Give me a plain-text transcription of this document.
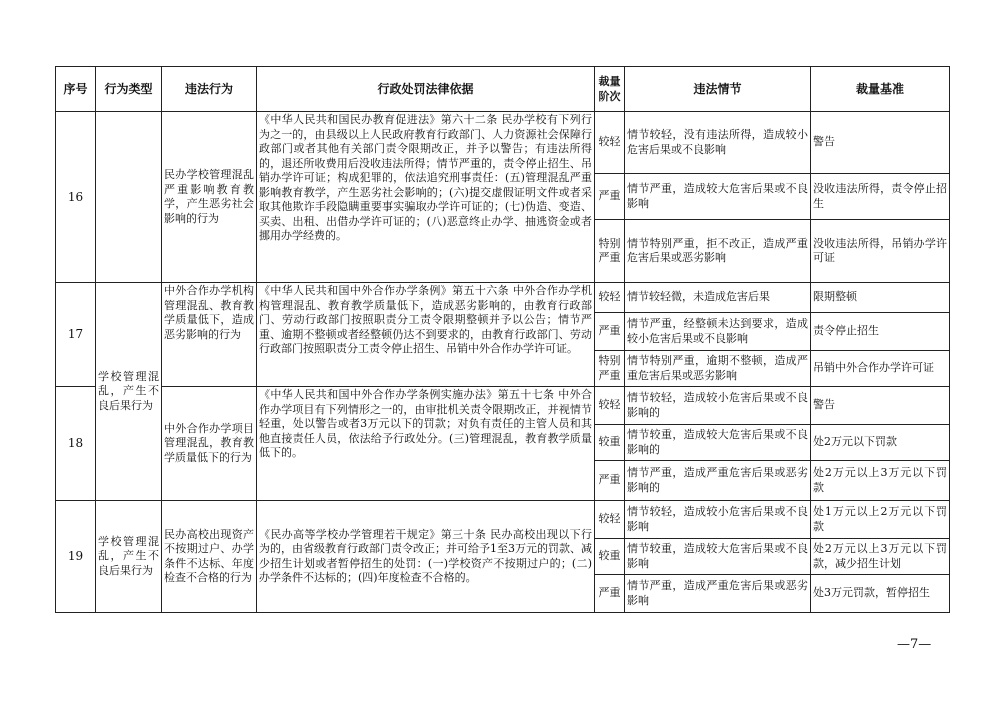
序号	行为类型	违法行为	行政处罚法律依据	裁量阶次	违法情节	裁量基准
16		民办学校管理混乱严重影响教育教学，产生恶劣社会影响的行为	《中华人民共和国民办教育促进法》第六十二条 民办学校有下列行为之一的，由县级以上人民政府教育行政部门、人力资源社会保障行政部门或者其他有关部门责令限期改正，并予以警告；有违法所得的，退还所收费用后没收违法所得；情节严重的，责令停止招生、吊销办学许可证；构成犯罪的，依法追究刑事责任：(五)管理混乱严重影响教育教学，产生恶劣社会影响的；(六)提交虚假证明文件或者采取其他欺诈手段隐瞒重要事实骗取办学许可证的；(七)伪造、变造、买卖、出租、出借办学许可证的；(八)恶意终止办学、抽逃资金或者挪用办学经费的。	较轻	情节较轻，没有违法所得，造成较小危害后果或不良影响	警告
				严重	情节严重，造成较大危害后果或不良影响	没收违法所得，责令停止招生
				特别严重	情节特别严重，拒不改正，造成严重危害后果或恶劣影响	没收违法所得，吊销办学许可证
17	学校管理混乱，产生不良后果行为	中外合作办学机构管理混乱、教育教学质量低下，造成恶劣影响的行为	《中华人民共和国中外合作办学条例》第五十六条 中外合作办学机构管理混乱、教育教学质量低下，造成恶劣影响的，由教育行政部门、劳动行政部门按照职责分工责令限期整顿并予以公告；情节严重、逾期不整顿或者经整顿仍达不到要求的，由教育行政部门、劳动行政部门按照职责分工责令停止招生、吊销中外合作办学许可证。	较轻	情节较轻微，未造成危害后果	限期整顿
				严重	情节严重，经整顿未达到要求，造成较小危害后果或不良影响	责令停止招生
				特别严重	情节特别严重，逾期不整顿，造成严重危害后果或恶劣影响	吊销中外合作办学许可证
18		中外合作办学项目管理混乱，教育教学质量低下的行为	《中华人民共和国中外合作办学条例实施办法》第五十七条 中外合作办学项目有下列情形之一的，由审批机关责令限期改正，并视情节轻重，处以警告或者3万元以下的罚款；对负有责任的主管人员和其他直接责任人员，依法给予行政处分。(三)管理混乱，教育教学质量低下的。	较轻	情节较轻，造成较小危害后果或不良影响的	警告
				较重	情节较重，造成较大危害后果或不良影响的	处2万元以下罚款
				严重	情节严重，造成严重危害后果或恶劣影响的	处2万元以上3万元以下罚款
19	学校管理混乱，产生不良后果行为	民办高校出现资产不按期过户、办学条件不达标、年度检查不合格的行为	《民办高等学校办学管理若干规定》第三十条 民办高校出现以下行为的，由省级教育行政部门责令改正；并可给予1至3万元的罚款、减少招生计划或者暂停招生的处罚：(一)学校资产不按期过户的；(二)办学条件不达标的；(四)年度检查不合格的。	较轻	情节较轻，造成较小危害后果或不良影响	处1万元以上2万元以下罚款
				较重	情节较重，造成较大危害后果或不良影响	处2万元以上3万元以下罚款，减少招生计划
				严重	情节严重，造成严重危害后果或恶劣影响	处3万元罚款，暂停招生
—7—
